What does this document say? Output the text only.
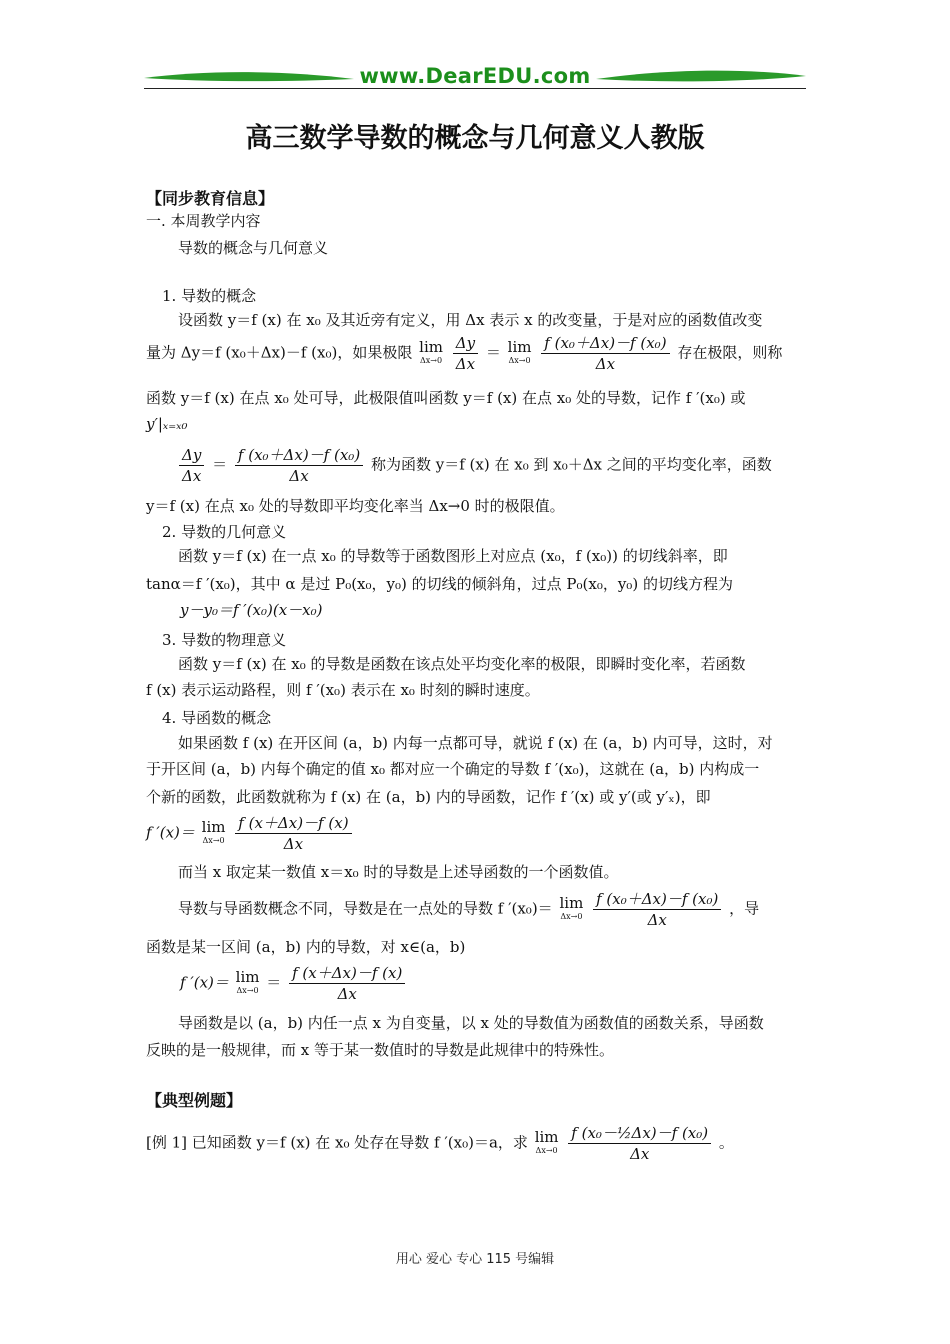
www.DearEDU.com
高三数学导数的概念与几何意义人教版
【同步教育信息】
一. 本周教学内容
导数的概念与几何意义
1. 导数的概念
设函数 y＝f (x) 在 x₀ 及其近旁有定义，用 Δx 表示 x 的改变量，于是对应的函数值改变
量为 Δy＝f (x₀＋Δx)－f (x₀)，如果极限 lim
Δx→0
$\frac{\Delta y}{\Delta x} = \lim$
Δx→0
$\frac{\text{f (x₀＋Δx)－f (x₀)}}{\Delta x}$ 存在极限，则称
函数 y＝f (x) 在点 x₀ 处可导，此极限值叫函数 y＝f (x) 在点 x₀ 处的导数，记作 f ′(x₀) 或
y′|ₓ₌ₓ₀
$\frac{\Delta y}{\Delta x} = \frac{\text{f (x₀＋Δx)－f (x₀)}}{\Delta x}$ 称为函数 y＝f (x) 在 x₀ 到 x₀＋Δx 之间的平均变化率，函数
y＝f (x) 在点 x₀ 处的导数即平均变化率当 Δx→0 时的极限值。
2. 导数的几何意义
函数 y＝f (x) 在一点 x₀ 的导数等于函数图形上对应点 (x₀，f (x₀)) 的切线斜率，即
tanα＝f ′(x₀)，其中 α 是过 P₀(x₀，y₀) 的切线的倾斜角，过点 P₀(x₀，y₀) 的切线方程为
y－y₀＝f ′(x₀)(x－x₀)
3. 导数的物理意义
函数 y＝f (x) 在 x₀ 的导数是函数在该点处平均变化率的极限，即瞬时变化率，若函数
f (x) 表示运动路程，则 f ′(x₀) 表示在 x₀ 时刻的瞬时速度。
4. 导函数的概念
如果函数 f (x) 在开区间 (a，b) 内每一点都可导，就说 f (x) 在 (a，b) 内可导，这时，对
于开区间 (a，b) 内每个确定的值 x₀ 都对应一个确定的导数 f ′(x₀)，这就在 (a，b) 内构成一
个新的函数，此函数就称为 f (x) 在 (a，b) 内的导函数，记作 f ′(x) 或 y′(或 y′ₓ)，即
f ′(x)＝ lim
Δx→0
$\frac{f (x+\Delta x)-f (x)}{\Delta x}$
而当 x 取定某一数值 x＝x₀ 时的导数是上述导函数的一个函数值。
导数与导函数概念不同，导数是在一点处的导数 f ′(x₀)＝ lim
Δx→0
$\frac{\text{f (x₀＋Δx)－f (x₀)}}{\Delta x}$ ，导
函数是某一区间 (a，b) 内的导数，对 x∈(a，b)
f ′(x)＝ lim
$\Delta x\to 0 = \frac{f (x+\Delta x)-f (x)}{\Delta x}$
导函数是以 (a，b) 内任一点 x 为自变量，以 x 处的导数值为函数值的函数关系，导函数
反映的是一般规律，而 x 等于某一数值时的导数是此规律中的特殊性。
【典型例题】
[例 1] 已知函数 y＝f (x) 在 x₀ 处存在导数 f ′(x₀)＝a，求 lim
Δx→0
$\frac{\text{f (x₀－½Δx)－f (x₀)}}{\Delta x}$ 。
用心 爱心 专心 115 号编辑
